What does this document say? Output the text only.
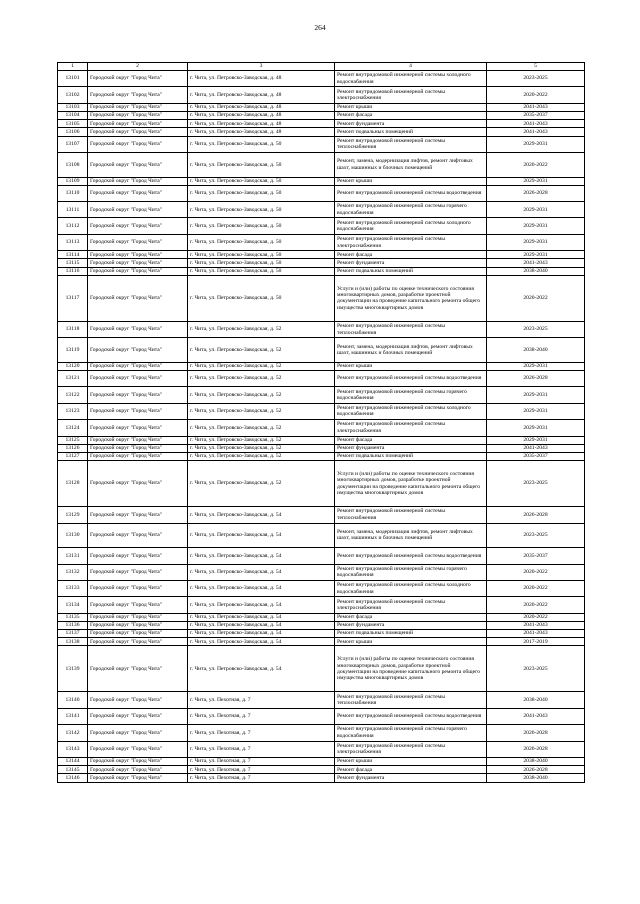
264
1	2	3	4	5
13101	Городской округ "Город Чита"	г. Чита, ул. Петровско-Заводская, д. 48	Ремонт внутридомовой инженерной системы холодного водоснабжения	2023-2025
13102	Городской округ "Город Чита"	г. Чита, ул. Петровско-Заводская, д. 48	Ремонт внутридомовой инженерной системы электроснабжения	2020-2022
13103	Городской округ "Город Чита"	г. Чита, ул. Петровско-Заводская, д. 48	Ремонт крыши	2041-2043
13104	Городской округ "Город Чита"	г. Чита, ул. Петровско-Заводская, д. 48	Ремонт фасада	2035-2037
13105	Городской округ "Город Чита"	г. Чита, ул. Петровско-Заводская, д. 48	Ремонт фундамента	2041-2043
13106	Городской округ "Город Чита"	г. Чита, ул. Петровско-Заводская, д. 48	Ремонт подвальных помещений	2041-2043
13107	Городской округ "Город Чита"	г. Чита, ул. Петровско-Заводская, д. 50	Ремонт внутридомовой инженерной системы теплоснабжения	2029-2031
13108	Городской округ "Город Чита"	г. Чита, ул. Петровско-Заводская, д. 50	Ремонт, замена, модернизация лифтов, ремонт лифтовых шахт, машинных и блочных помещений	2020-2022
13109	Городской округ "Город Чита"	г. Чита, ул. Петровско-Заводская, д. 50	Ремонт крыши	2029-2031
13110	Городской округ "Город Чита"	г. Чита, ул. Петровско-Заводская, д. 50	Ремонт внутридомовой инженерной системы водоотведения	2026-2028
13111	Городской округ "Город Чита"	г. Чита, ул. Петровско-Заводская, д. 50	Ремонт внутридомовой инженерной системы горячего водоснабжения	2029-2031
13112	Городской округ "Город Чита"	г. Чита, ул. Петровско-Заводская, д. 50	Ремонт внутридомовой инженерной системы холодного водоснабжения	2029-2031
13113	Городской округ "Город Чита"	г. Чита, ул. Петровско-Заводская, д. 50	Ремонт внутридомовой инженерной системы электроснабжения	2029-2031
13114	Городской округ "Город Чита"	г. Чита, ул. Петровско-Заводская, д. 50	Ремонт фасада	2029-2031
13115	Городской округ "Город Чита"	г. Чита, ул. Петровско-Заводская, д. 50	Ремонт фундамента	2041-2043
13116	Городской округ "Город Чита"	г. Чита, ул. Петровско-Заводская, д. 50	Ремонт подвальных помещений	2038-2040
13117	Городской округ "Город Чита"	г. Чита, ул. Петровско-Заводская, д. 50	Услуги и (или) работы по оценке технического состояния многоквартирных домов, разработке проектной документации на проведение капитального ремонта общего имущества многоквартирных домов	2020-2022
13118	Городской округ "Город Чита"	г. Чита, ул. Петровско-Заводская, д. 52	Ремонт внутридомовой инженерной системы теплоснабжения	2023-2025
13119	Городской округ "Город Чита"	г. Чита, ул. Петровско-Заводская, д. 52	Ремонт, замена, модернизация лифтов, ремонт лифтовых шахт, машинных и блочных помещений	2038-2040
13120	Городской округ "Город Чита"	г. Чита, ул. Петровско-Заводская, д. 52	Ремонт крыши	2029-2031
13121	Городской округ "Город Чита"	г. Чита, ул. Петровско-Заводская, д. 52	Ремонт внутридомовой инженерной системы водоотведения	2026-2028
13122	Городской округ "Город Чита"	г. Чита, ул. Петровско-Заводская, д. 52	Ремонт внутридомовой инженерной системы горячего водоснабжения	2029-2031
13123	Городской округ "Город Чита"	г. Чита, ул. Петровско-Заводская, д. 52	Ремонт внутридомовой инженерной системы холодного водоснабжения	2029-2031
13124	Городской округ "Город Чита"	г. Чита, ул. Петровско-Заводская, д. 52	Ремонт внутридомовой инженерной системы электроснабжения	2029-2031
13125	Городской округ "Город Чита"	г. Чита, ул. Петровско-Заводская, д. 52	Ремонт фасада	2029-2031
13126	Городской округ "Город Чита"	г. Чита, ул. Петровско-Заводская, д. 52	Ремонт фундамента	2041-2043
13127	Городской округ "Город Чита"	г. Чита, ул. Петровско-Заводская, д. 52	Ремонт подвальных помещений	2035-2037
13128	Городской округ "Город Чита"	г. Чита, ул. Петровско-Заводская, д. 52	Услуги и (или) работы по оценке технического состояния многоквартирных домов, разработке проектной документации на проведение капитального ремонта общего имущества многоквартирных домов	2023-2025
13129	Городской округ "Город Чита"	г. Чита, ул. Петровско-Заводская, д. 54	Ремонт внутридомовой инженерной системы теплоснабжения	2026-2028
13130	Городской округ "Город Чита"	г. Чита, ул. Петровско-Заводская, д. 54	Ремонт, замена, модернизация лифтов, ремонт лифтовых шахт, машинных и блочных помещений	2023-2025
13131	Городской округ "Город Чита"	г. Чита, ул. Петровско-Заводская, д. 54	Ремонт внутридомовой инженерной системы водоотведения	2035-2037
13132	Городской округ "Город Чита"	г. Чита, ул. Петровско-Заводская, д. 54	Ремонт внутридомовой инженерной системы горячего водоснабжения	2020-2022
13133	Городской округ "Город Чита"	г. Чита, ул. Петровско-Заводская, д. 54	Ремонт внутридомовой инженерной системы холодного водоснабжения	2020-2022
13134	Городской округ "Город Чита"	г. Чита, ул. Петровско-Заводская, д. 54	Ремонт внутридомовой инженерной системы электроснабжения	2020-2022
13135	Городской округ "Город Чита"	г. Чита, ул. Петровско-Заводская, д. 54	Ремонт фасада	2020-2022
13136	Городской округ "Город Чита"	г. Чита, ул. Петровско-Заводская, д. 54	Ремонт фундамента	2041-2043
13137	Городской округ "Город Чита"	г. Чита, ул. Петровско-Заводская, д. 54	Ремонт подвальных помещений	2041-2043
13138	Городской округ "Город Чита"	г. Чита, ул. Петровско-Заводская, д. 54	Ремонт крыши	2017-2019
13139	Городской округ "Город Чита"	г. Чита, ул. Петровско-Заводская, д. 54	Услуги и (или) работы по оценке технического состояния многоквартирных домов, разработке проектной документации на проведение капитального ремонта общего имущества многоквартирных домов	2023-2025
13140	Городской округ "Город Чита"	г. Чита, ул. Пехотная, д. 7	Ремонт внутридомовой инженерной системы теплоснабжения	2038-2040
13141	Городской округ "Город Чита"	г. Чита, ул. Пехотная, д. 7	Ремонт внутридомовой инженерной системы водоотведения	2041-2043
13142	Городской округ "Город Чита"	г. Чита, ул. Пехотная, д. 7	Ремонт внутридомовой инженерной системы горячего водоснабжения	2026-2028
13143	Городской округ "Город Чита"	г. Чита, ул. Пехотная, д. 7	Ремонт внутридомовой инженерной системы электроснабжения	2026-2028
13144	Городской округ "Город Чита"	г. Чита, ул. Пехотная, д. 7	Ремонт крыши	2038-2040
13145	Городской округ "Город Чита"	г. Чита, ул. Пехотная, д. 7	Ремонт фасада	2026-2028
13146	Городской округ "Город Чита"	г. Чита, ул. Пехотная, д. 7	Ремонт фундамента	2038-2040
